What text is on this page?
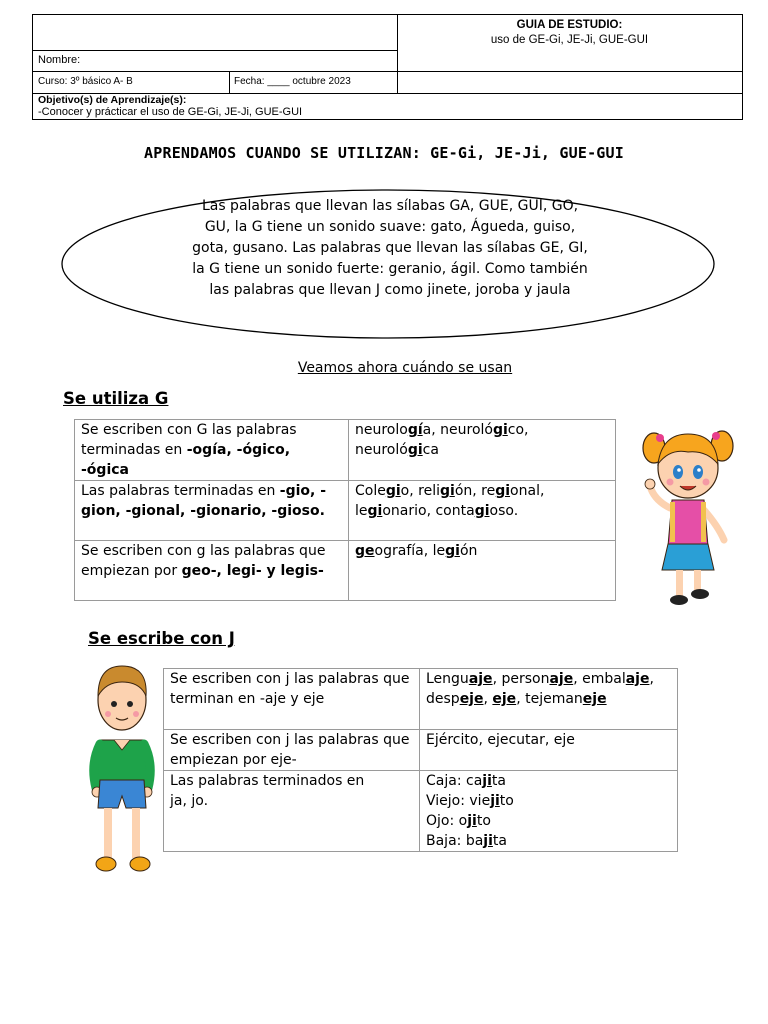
GUIA DE ESTUDIO:
uso de GE-Gi, JE-Ji, GUE-GUI
Nombre:
Curso: 3º básico A- B	Fecha: ____ octubre 2023
Objetivo(s) de Aprendizaje(s):
-Conocer y prácticar el uso de GE-Gi, JE-Ji, GUE-GUI
APRENDAMOS CUANDO SE UTILIZAN: GE-Gi, JE-Ji, GUE-GUI
Las palabras que llevan las sílabas GA, GUE, GUI, GO,
GU, la G tiene un sonido suave: gato, Águeda, guiso,
gota, gusano. Las palabras que llevan las sílabas GE, GI,
la G tiene un sonido fuerte: geranio, ágil. Como también
las palabras que llevan J como jinete, joroba y jaula
Veamos ahora cuándo se usan
Se utiliza G
Se escriben con G las palabras terminadas en -ogía, -ógico, -ógica	neurología, neurológico, neurológica
Las palabras terminadas en -gio, -gion, -gional, -gionario, -gioso.	Colegio, religión, regional, legionario, contagioso.
Se escriben con g las palabras que empiezan por geo-, legi- y legis-	geografía, legión
Se escribe con J
Se escriben con j las palabras que terminan en -aje y eje	Lenguaje, personaje, embalaje, despeje, eje, tejemaneje
Se escriben con j las palabras que empiezan por eje-	Ejército, ejecutar, eje

Las palabras terminados en ja, jo.	Caja: cajita
Viejo: viejito
Ojo: ojito
Baja: bajita
